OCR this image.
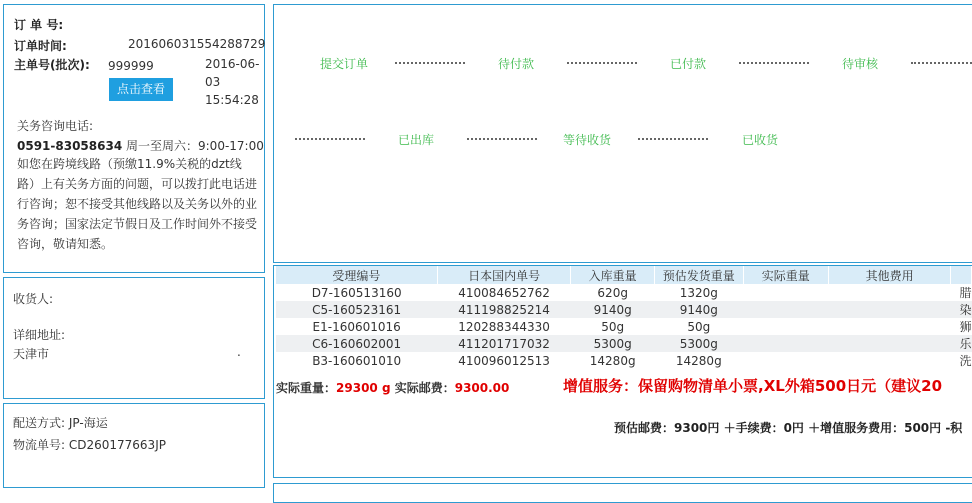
订 单 号:
订单时间:	201606031554288729
主单号(批次): 999999	2016-06-
03
15:54:28
点击查看
关务咨询电话:
0591-83058634 周一至周六：9:00-17:00
如您在跨境线路（预缴11.9%关税的dzt线路）上有关务方面的问题，可以拨打此电话进行咨询；恕不接受其他线路以及关务以外的业务咨询；国家法定节假日及工作时间外不接受咨询，敬请知悉。
收货人:
详细地址:
天津市	.
配送方式: JP-海运
物流单号: CD260177663JP
提交订单	待付款	已付款	待审核
已出库	等待收货	已收货
受理编号	日本国内单号	入库重量	预估发货重量	实际重量	其他费用	
D7-160513160	410084652762	620g	1320g			腊
C5-160523161	411198825214	9140g	9140g			染
E1-160601016	120288344330	50g	50g			狮
C6-160602001	411201717032	5300g	5300g			乐
B3-160601010	410096012513	14280g	14280g			洗
实际重量：29300 g 实际邮费：9300.00	增值服务：保留购物清单小票,XL外箱500日元（建议20
预估邮费：9300円 ＋手续费：0円 ＋增值服务费用：500円 -积
